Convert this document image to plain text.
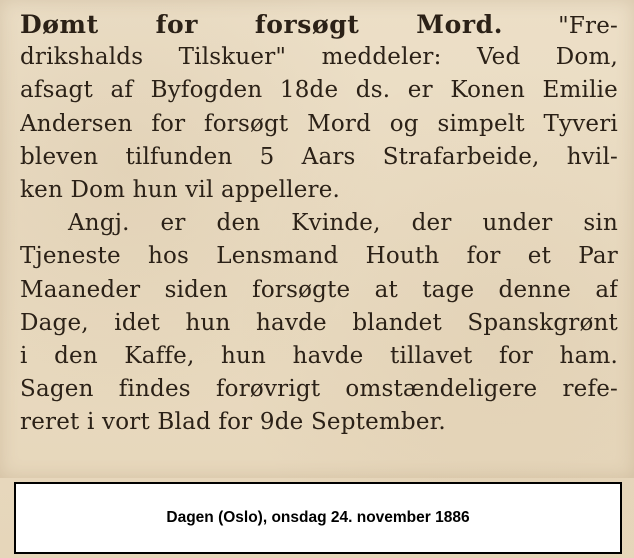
Dømt for forsøgt Mord. "Fre-
drikshalds Tilskuer" meddeler: Ved Dom,
afsagt af Byfogden 18de ds. er Konen Emilie
Andersen for forsøgt Mord og simpelt Tyveri
bleven tilfunden 5 Aars Strafarbeide, hvil-
ken Dom hun vil appellere.
Angj. er den Kvinde, der under sin
Tjeneste hos Lensmand Houth for et Par
Maaneder siden forsøgte at tage denne af
Dage, idet hun havde blandet Spanskgrønt
i den Kaffe, hun havde tillavet for ham.
Sagen findes forøvrigt omstændeligere refe-
reret i vort Blad for 9de September.
Dagen (Oslo), onsdag 24. november 1886
